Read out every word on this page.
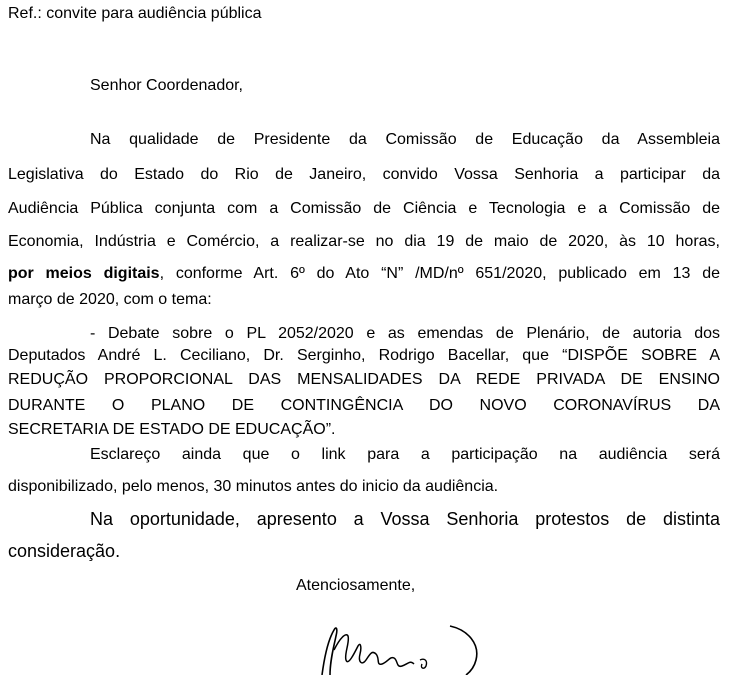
Ref.: convite para audiência pública
Senhor Coordenador,
Na qualidade de Presidente da Comissão de Educação da Assembleia
Legislativa do Estado do Rio de Janeiro, convido Vossa Senhoria a participar da
Audiência Pública conjunta com a Comissão de Ciência e Tecnologia e a Comissão de
Economia, Indústria e Comércio, a realizar-se no dia 19 de maio de 2020, às 10 horas,
por meios digitais, conforme Art. 6º do Ato “N” /MD/nº 651/2020, publicado em 13 de
março de 2020, com o tema:
- Debate sobre o PL 2052/2020 e as emendas de Plenário, de autoria dos
Deputados André L. Ceciliano, Dr. Serginho, Rodrigo Bacellar, que “DISPÕE SOBRE A
REDUÇÃO PROPORCIONAL DAS MENSALIDADES DA REDE PRIVADA DE ENSINO
DURANTE O PLANO DE CONTINGÊNCIA DO NOVO CORONAVÍRUS DA
SECRETARIA DE ESTADO DE EDUCAÇÃO”.
Esclareço ainda que o link para a participação na audiência será
disponibilizado, pelo menos, 30 minutos antes do inicio da audiência.
Na oportunidade, apresento a Vossa Senhoria protestos de distinta
consideração.
Atenciosamente,
